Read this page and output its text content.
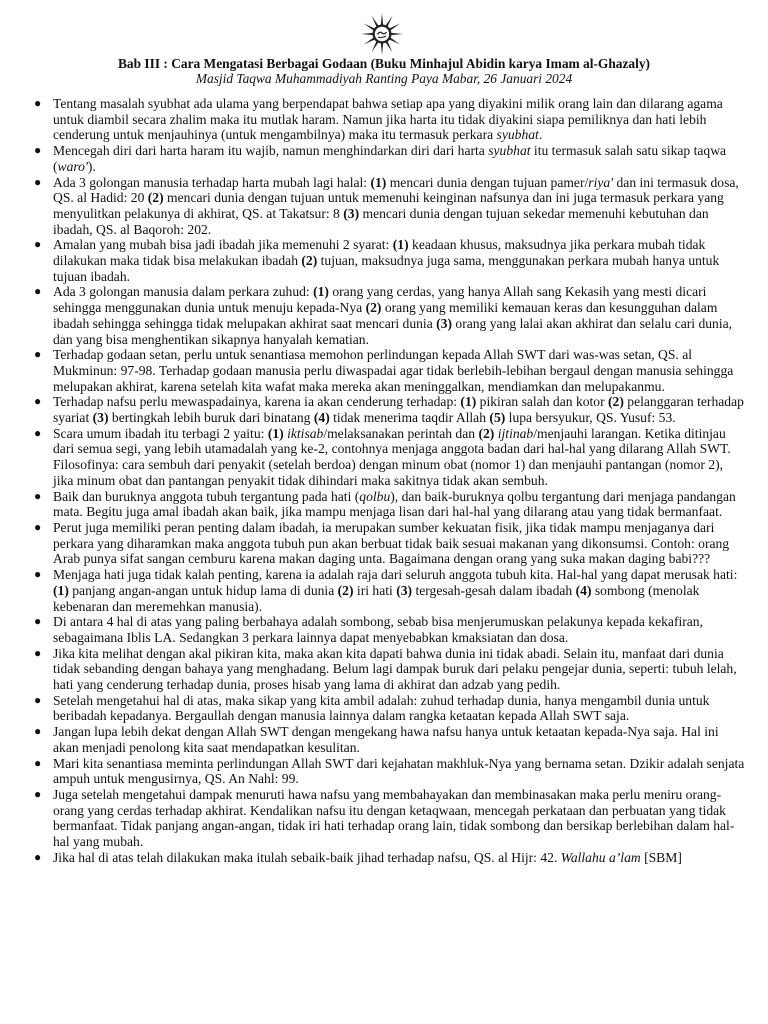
Bab III : Cara Mengatasi Berbagai Godaan (Buku Minhajul Abidin karya Imam al-Ghazaly)
Masjid Taqwa Muhammadiyah Ranting Paya Mabar, 26 Januari 2024
● Tentang masalah syubhat ada ulama yang berpendapat bahwa setiap apa yang diyakini milik orang lain dan dilarang agama untuk diambil secara zhalim maka itu mutlak haram. Namun jika harta itu tidak diyakini siapa pemiliknya dan hati lebih cenderung untuk menjauhinya (untuk mengambilnya) maka itu termasuk perkara syubhat.
● Mencegah diri dari harta haram itu wajib, namun menghindarkan diri dari harta syubhat itu termasuk salah satu sikap taqwa (waro').
● Ada 3 golongan manusia terhadap harta mubah lagi halal: (1) mencari dunia dengan tujuan pamer/riya' dan ini termasuk dosa, QS. al Hadid: 20 (2) mencari dunia dengan tujuan untuk memenuhi keinginan nafsunya dan ini juga termasuk perkara yang menyulitkan pelakunya di akhirat, QS. at Takatsur: 8 (3) mencari dunia dengan tujuan sekedar memenuhi kebutuhan dan ibadah, QS. al Baqoroh: 202.
● Amalan yang mubah bisa jadi ibadah jika memenuhi 2 syarat: (1) keadaan khusus, maksudnya jika perkara mubah tidak dilakukan maka tidak bisa melakukan ibadah (2) tujuan, maksudnya juga sama, menggunakan perkara mubah hanya untuk tujuan ibadah.
● Ada 3 golongan manusia dalam perkara zuhud: (1) orang yang cerdas, yang hanya Allah sang Kekasih yang mesti dicari sehingga menggunakan dunia untuk menuju kepada-Nya (2) orang yang memiliki kemauan keras dan kesungguhan dalam ibadah sehingga sehingga tidak melupakan akhirat saat mencari dunia (3) orang yang lalai akan akhirat dan selalu cari dunia, dan yang bisa menghentikan sikapnya hanyalah kematian.
● Terhadap godaan setan, perlu untuk senantiasa memohon perlindungan kepada Allah SWT dari was-was setan, QS. al Mukminun: 97-98. Terhadap godaan manusia perlu diwaspadai agar tidak berlebih-lebihan bergaul dengan manusia sehingga melupakan akhirat, karena setelah kita wafat maka mereka akan meninggalkan, mendiamkan dan melupakanmu.
● Terhadap nafsu perlu mewaspadainya, karena ia akan cenderung terhadap: (1) pikiran salah dan kotor (2) pelanggaran terhadap syariat (3) bertingkah lebih buruk dari binatang (4) tidak menerima taqdir Allah (5) lupa bersyukur, QS. Yusuf: 53.
● Scara umum ibadah itu terbagi 2 yaitu: (1) iktisab/melaksanakan perintah dan (2) ijtinab/menjauhi larangan. Ketika ditinjau dari semua segi, yang lebih utamadalah yang ke-2, contohnya menjaga anggota badan dari hal-hal yang dilarang Allah SWT. Filosofinya: cara sembuh dari penyakit (setelah berdoa) dengan minum obat (nomor 1) dan menjauhi pantangan (nomor 2), jika minum obat dan pantangan penyakit tidak dihindari maka sakitnya tidak akan sembuh.
● Baik dan buruknya anggota tubuh tergantung pada hati (qolbu), dan baik-buruknya qolbu tergantung dari menjaga pandangan mata. Begitu juga amal ibadah akan baik, jika mampu menjaga lisan dari hal-hal yang dilarang atau yang tidak bermanfaat.
● Perut juga memiliki peran penting dalam ibadah, ia merupakan sumber kekuatan fisik, jika tidak mampu menjaganya dari perkara yang diharamkan maka anggota tubuh pun akan berbuat tidak baik sesuai makanan yang dikonsumsi. Contoh: orang Arab punya sifat sangan cemburu karena makan daging unta. Bagaimana dengan orang yang suka makan daging babi???
● Menjaga hati juga tidak kalah penting, karena ia adalah raja dari seluruh anggota tubuh kita. Hal-hal yang dapat merusak hati: (1) panjang angan-angan untuk hidup lama di dunia (2) iri hati (3) tergesah-gesah dalam ibadah (4) sombong (menolak kebenaran dan meremehkan manusia).
● Di antara 4 hal di atas yang paling berbahaya adalah sombong, sebab bisa menjerumuskan pelakunya kepada kekafiran, sebagaimana Iblis LA. Sedangkan 3 perkara lainnya dapat menyebabkan kmaksiatan dan dosa.
● Jika kita melihat dengan akal pikiran kita, maka akan kita dapati bahwa dunia ini tidak abadi. Selain itu, manfaat dari dunia tidak sebanding dengan bahaya yang menghadang. Belum lagi dampak buruk dari pelaku pengejar dunia, seperti: tubuh lelah, hati yang cenderung terhadap dunia, proses hisab yang lama di akhirat dan adzab yang pedih.
● Setelah mengetahui hal di atas, maka sikap yang kita ambil adalah: zuhud terhadap dunia, hanya mengambil dunia untuk beribadah kepadanya. Bergaullah dengan manusia lainnya dalam rangka ketaatan kepada Allah SWT saja.
● Jangan lupa lebih dekat dengan Allah SWT dengan mengekang hawa nafsu hanya untuk ketaatan kepada-Nya saja. Hal ini akan menjadi penolong kita saat mendapatkan kesulitan.
● Mari kita senantiasa meminta perlindungan Allah SWT dari kejahatan makhluk-Nya yang bernama setan. Dzikir adalah senjata ampuh untuk mengusirnya, QS. An Nahl: 99.
● Juga setelah mengetahui dampak menuruti hawa nafsu yang membahayakan dan membinasakan maka perlu meniru orang-orang yang cerdas terhadap akhirat. Kendalikan nafsu itu dengan ketaqwaan, mencegah perkataan dan perbuatan yang tidak bermanfaat. Tidak panjang angan-angan, tidak iri hati terhadap orang lain, tidak sombong dan bersikap berlebihan dalam hal-hal yang mubah.
● Jika hal di atas telah dilakukan maka itulah sebaik-baik jihad terhadap nafsu, QS. al Hijr: 42. Wallahu a’lam [SBM]
